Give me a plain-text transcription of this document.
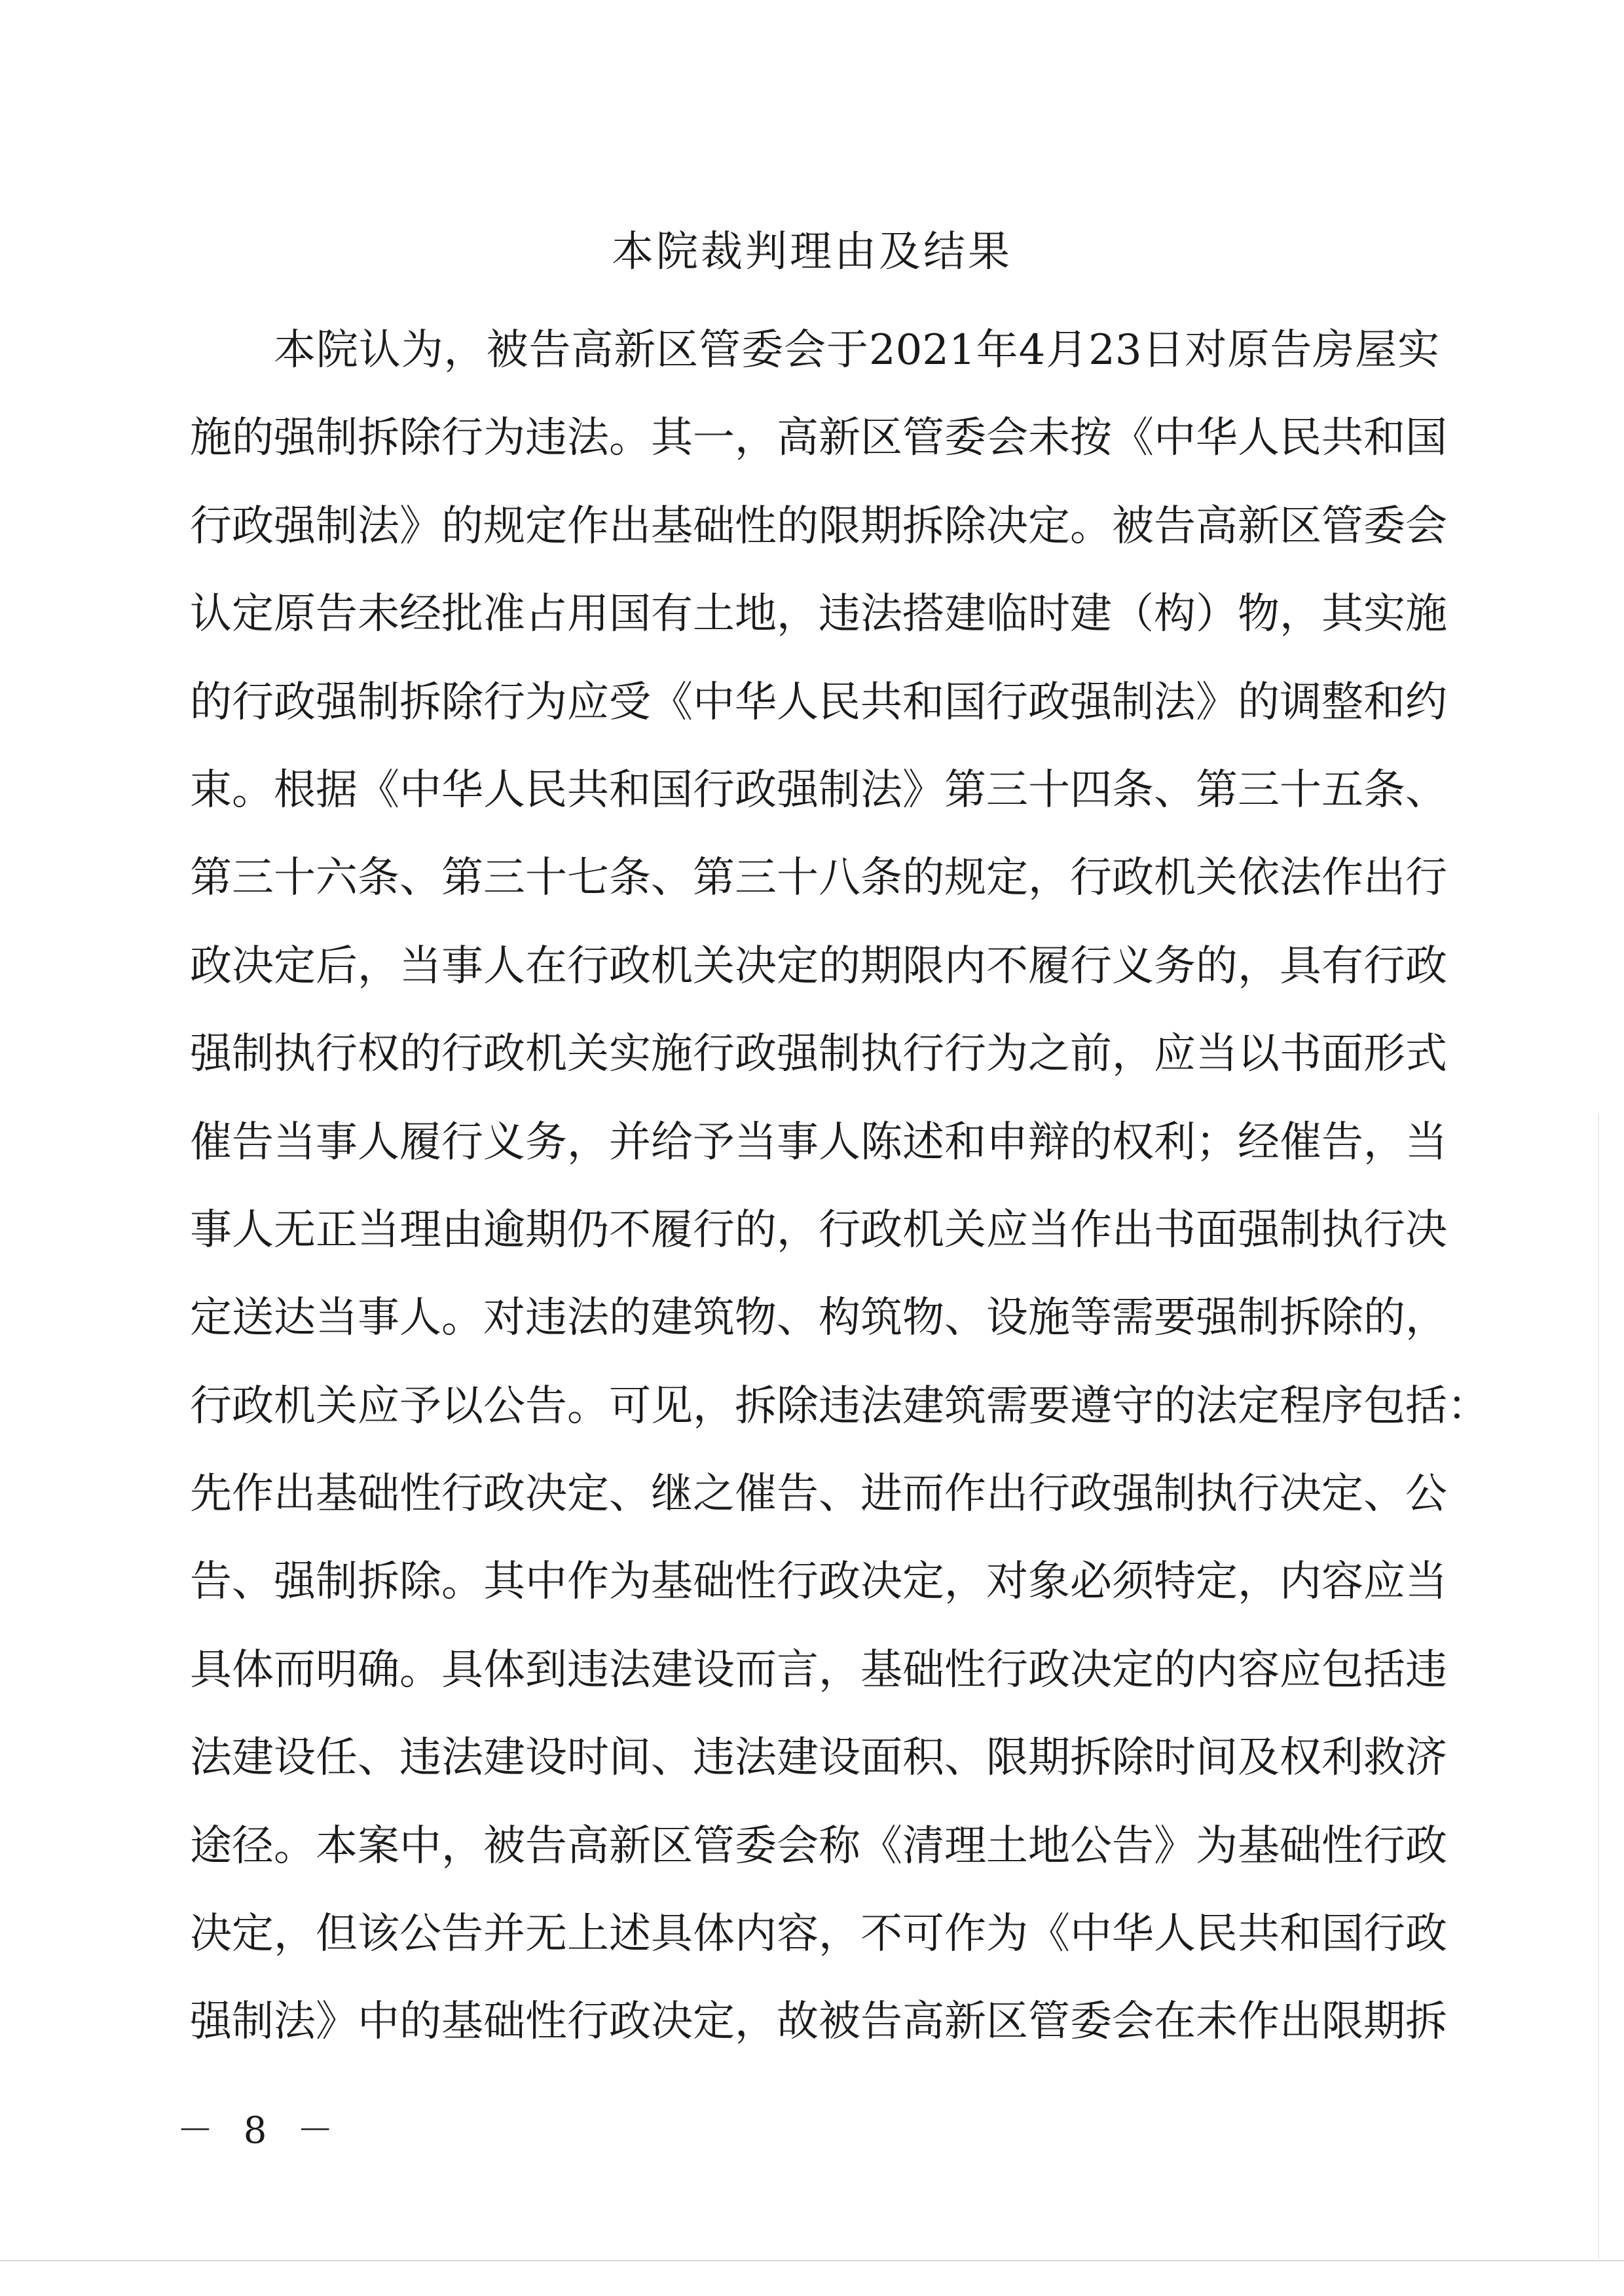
本院裁判理由及结果
本院认为，被告高新区管委会于2021年4月23日对原告房屋实
施的强制拆除行为违法。其一，高新区管委会未按《中华人民共和国
行政强制法》的规定作出基础性的限期拆除决定。被告高新区管委会
认定原告未经批准占用国有土地，违法搭建临时建（构）物，其实施
的行政强制拆除行为应受《中华人民共和国行政强制法》的调整和约
束。根据《中华人民共和国行政强制法》第三十四条、第三十五条、
第三十六条、第三十七条、第三十八条的规定，行政机关依法作出行
政决定后，当事人在行政机关决定的期限内不履行义务的，具有行政
强制执行权的行政机关实施行政强制执行行为之前，应当以书面形式
催告当事人履行义务，并给予当事人陈述和申辩的权利；经催告，当
事人无正当理由逾期仍不履行的，行政机关应当作出书面强制执行决
定送达当事人。对违法的建筑物、构筑物、设施等需要强制拆除的，
行政机关应予以公告。可见，拆除违法建筑需要遵守的法定程序包括：
先作出基础性行政决定、继之催告、进而作出行政强制执行决定、公
告、强制拆除。其中作为基础性行政决定，对象必须特定，内容应当
具体而明确。具体到违法建设而言，基础性行政决定的内容应包括违
法建设任、违法建设时间、违法建设面积、限期拆除时间及权利救济
途径。本案中，被告高新区管委会称《清理土地公告》为基础性行政
决定，但该公告并无上述具体内容，不可作为《中华人民共和国行政
强制法》中的基础性行政决定，故被告高新区管委会在未作出限期拆
－ 8 －
